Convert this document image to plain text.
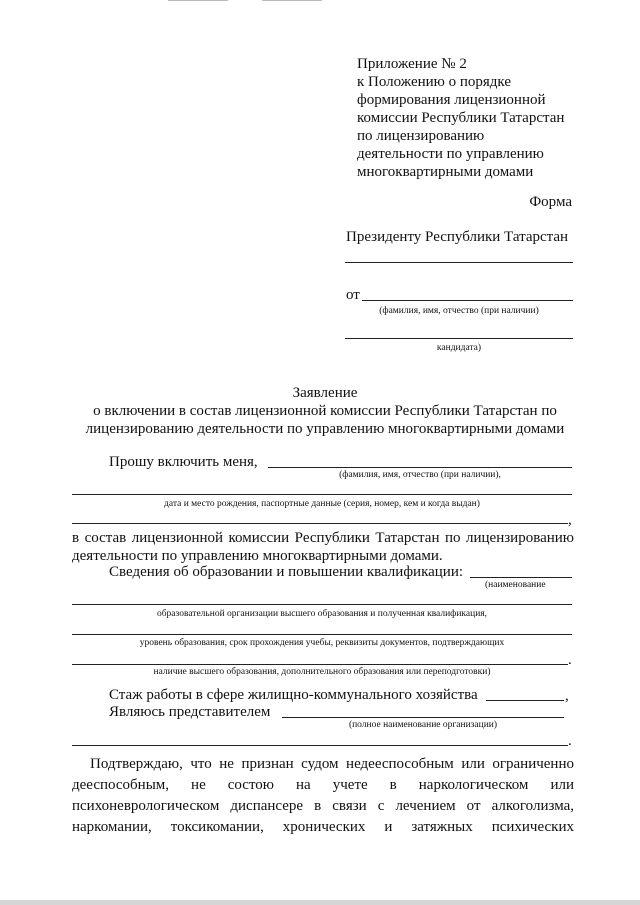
Приложение № 2
к Положению о порядке
формирования лицензионной
комиссии Республики Татарстан
по лицензированию
деятельности по управлению
многоквартирными домами
Форма
Президенту Республики Татарстан
от
(фамилия, имя, отчество (при наличии)
кандидата)
Заявление
о включении в состав лицензионной комиссии Республики Татарстан по
лицензированию деятельности по управлению многоквартирными домами
Прошу включить меня,
(фамилия, имя, отчество (при наличии),
дата и место рождения, паспортные данные (серия, номер, кем и когда выдан)
,
в состав лицензионной комиссии Республики Татарстан по лицензированию
деятельности по управлению многоквартирными домами.
Сведения об образовании и повышении квалификации:
(наименование
образовательной организации высшего образования и полученная квалификация,
уровень образования, срок прохождения учебы, реквизиты документов, подтверждающих
.
наличие высшего образования, дополнительного образования или переподготовки)
Стаж работы в сфере жилищно-коммунального хозяйства	,
Являюсь представителем
(полное наименование организации)
.
Подтверждаю, что не признан судом недееспособным или ограниченно
дееспособным, не состою на учете в наркологическом или
психоневрологическом диспансере в связи с лечением от алкоголизма,
наркомании, токсикомании, хронических и затяжных психических
